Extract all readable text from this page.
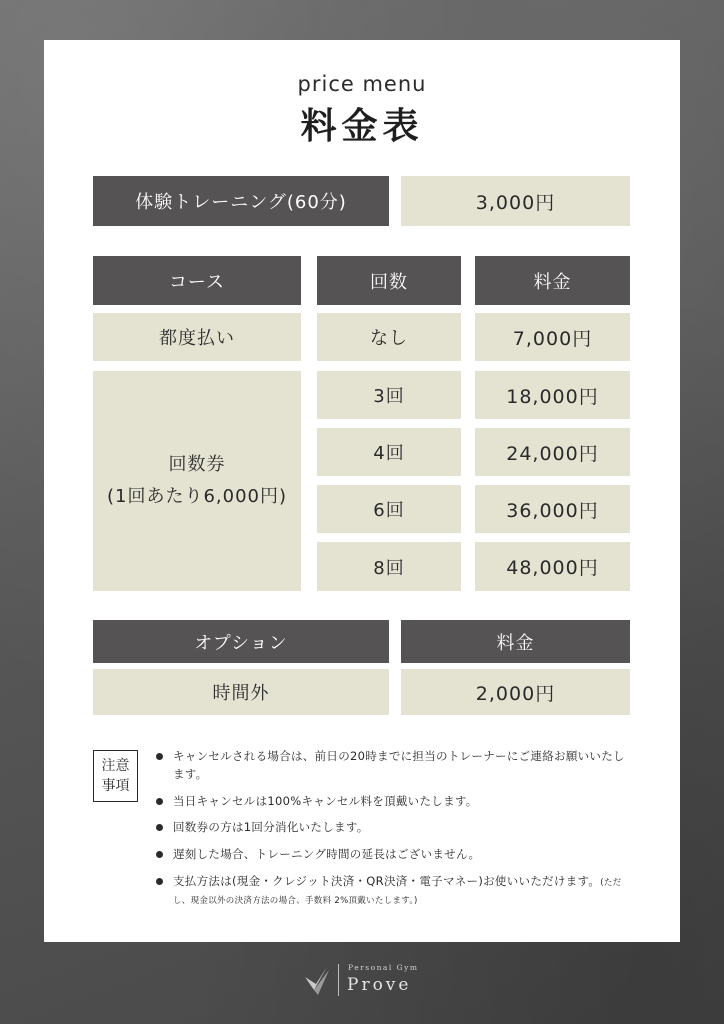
price menu
料金表
体験トレーニング(60分)	3,000円
コース	回数	料金
都度払い	なし	7,000円
回数券
(1回あたり6,000円)
3回	18,000円
4回	24,000円
6回	36,000円
8回	48,000円
オプション	料金
時間外	2,000円
注意
事項
キャンセルされる場合は、前日の20時までに担当のトレーナーにご連絡お願いいたします。
当日キャンセルは100%キャンセル料を頂戴いたします。
回数券の方は1回分消化いたします。
遅刻した場合、トレーニング時間の延長はございません。
支払方法は(現金・クレジット決済・QR決済・電子マネー)お使いいただけます。(ただし、現金以外の決済方法の場合、手数料 2%頂戴いたします。)
Personal Gym
Prove
